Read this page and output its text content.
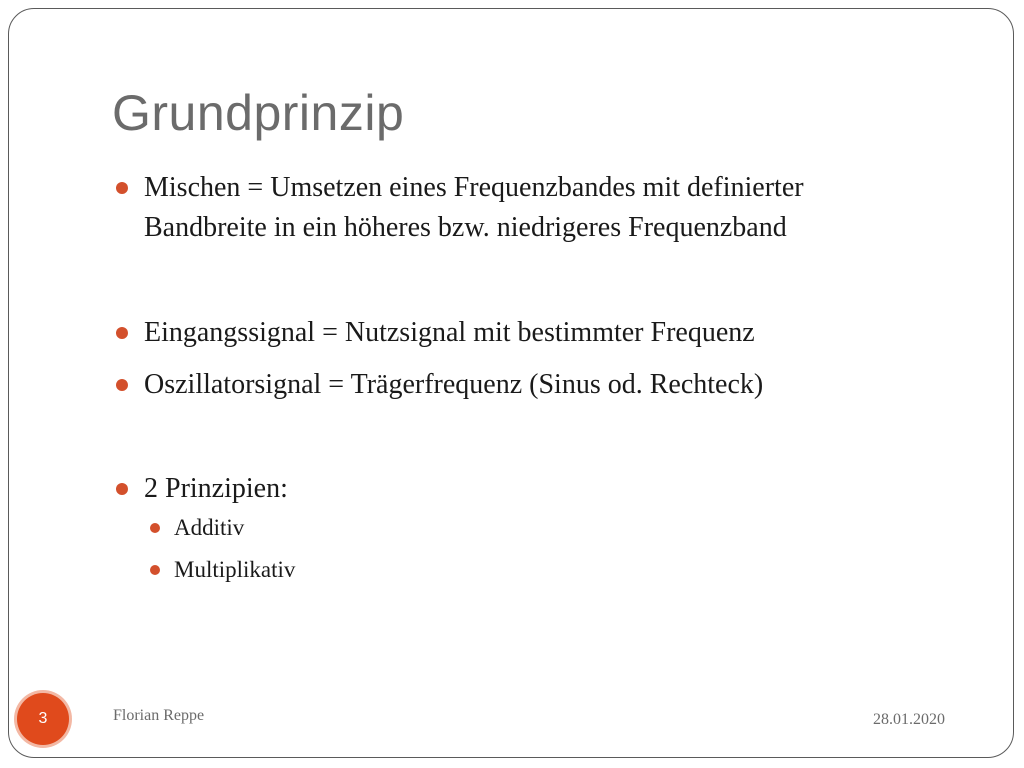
Grundprinzip
Mischen = Umsetzen eines Frequenzbandes mit definierter Bandbreite in ein höheres bzw. niedrigeres Frequenzband
Eingangssignal = Nutzsignal mit bestimmter Frequenz
Oszillatorsignal = Trägerfrequenz (Sinus od. Rechteck)
2 Prinzipien:
Additiv
Multiplikativ
3	Florian Reppe	28.01.2020
